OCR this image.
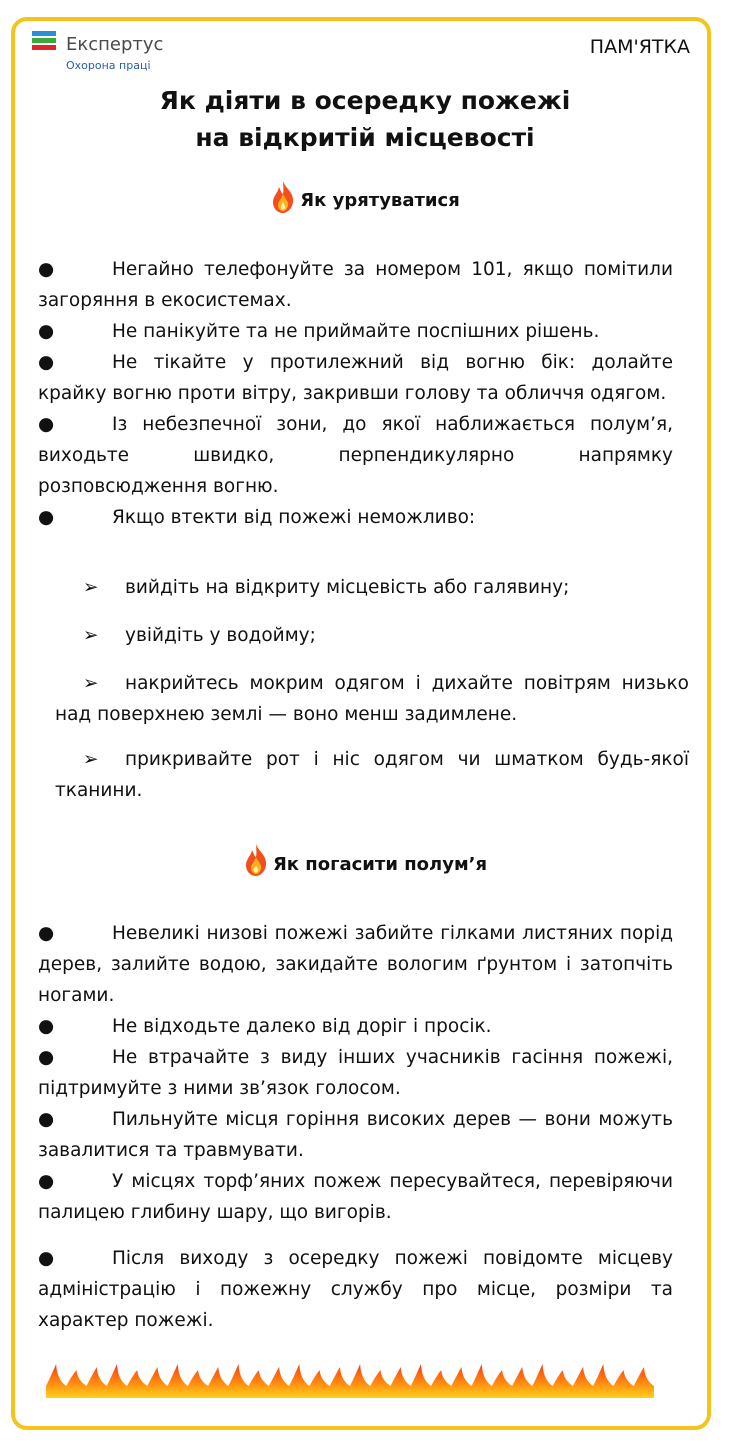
Експертус
Охорона праці
ПАМ'ЯТКА
Як діяти в осередку пожежі
на відкритій місцевості
Як урятуватися

●	Негайно телефонуйте за номером 101, якщо помітили загоряння в екосистемах.

●	Не панікуйте та не приймайте поспішних рішень.

●	Не тікайте у протилежний від вогню бік: долайте крайку вогню проти вітру, закривши голову та обличчя одягом.

●	Із небезпечної зони, до якої наближається полум’я, виходьте швидко, перпендикулярно напрямку розповсюдження вогню.

●	Якщо втекти від пожежі неможливо:

➢ вийдіть на відкриту місцевість або галявину;
➢ увійдіть у водойму;
➢ накрийтесь мокрим одягом і дихайте повітрям низько над поверхнею землі — воно менш задимлене.
➢ прикривайте рот і ніс одягом чи шматком будь-якої тканини.
Як погасити полум’я

●	Невеликі низові пожежі забийте гілками листяних порід дерев, залийте водою, закидайте вологим ґрунтом і затопчіть ногами.

●	Не відходьте далеко від доріг і просік.

●	Не втрачайте з виду інших учасників гасіння пожежі, підтримуйте з ними зв’язок голосом.

●	Пильнуйте місця горіння високих дерев — вони можуть завалитися та травмувати.

●	У місцях торф’яних пожеж пересувайтеся, перевіряючи палицею глибину шару, що вигорів.

●	Після виходу з осередку пожежі повідомте місцеву адміністрацію і пожежну службу про місце, розміри та характер пожежі.
